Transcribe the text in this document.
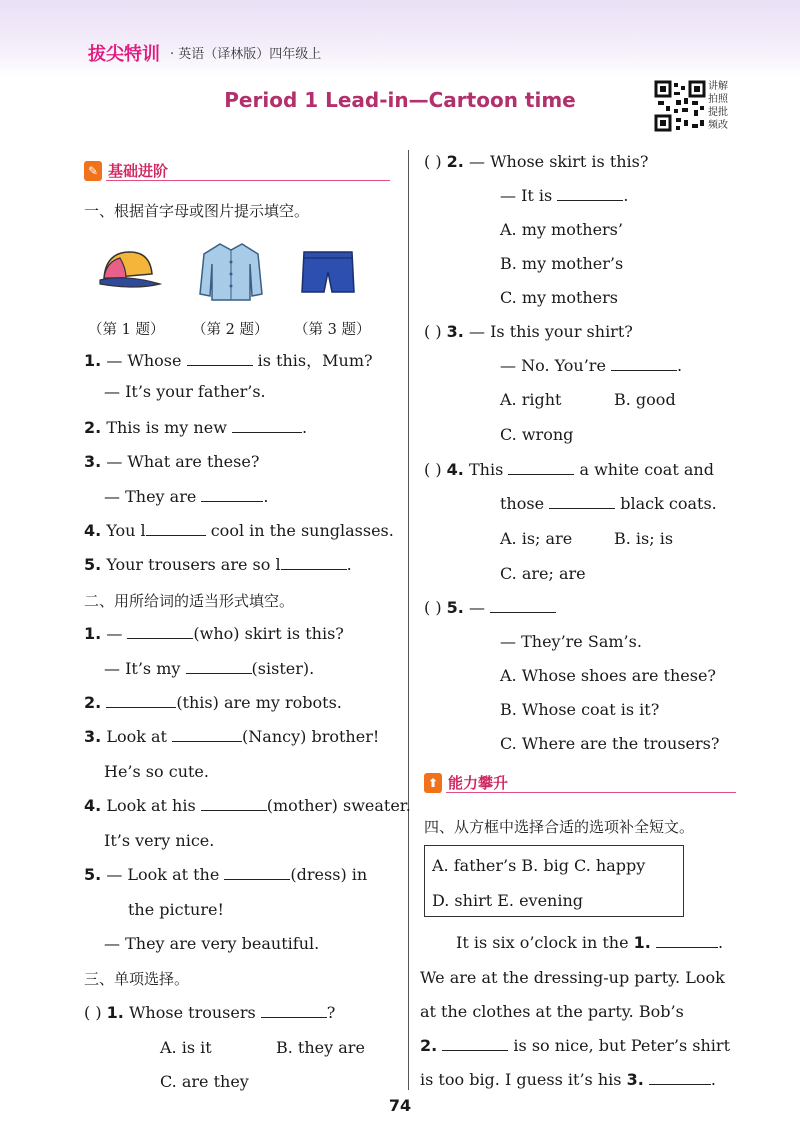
拔尖特训 · 英语（译林版）四年级上
Period 1 Lead-in—Cartoon time
讲解
拍照
提批
频改
✎ 基础进阶
一、根据首字母或图片提示填空。
（第 1 题） （第 2 题） （第 3 题）
1. — Whose	is this，Mum?
— It’s your father’s.
2. This is my new	.
3. — What are these?
— They are	.
4. You l	cool in the sunglasses.
5. Your trousers are so l	.
二、用所给词的适当形式填空。
1. —	(who) skirt is this?
— It’s my	(sister).
2.	(this) are my robots.
3. Look at	(Nancy) brother!
He’s so cute.
4. Look at his	(mother) sweater.
It’s very nice.
5. — Look at the	(dress) in
the picture!
— They are very beautiful.
三、单项选择。
( ) 1. Whose trousers	?
A. is it	B. they are
C. are they
( ) 2. — Whose skirt is this?
— It is	.
A. my mothers’
B. my mother’s
C. my mothers
( ) 3. — Is this your shirt?
— No. You’re	.
A. right	B. good
C. wrong
( ) 4. This	a white coat and
those	black coats.
A. is; are	B. is; is
C. are; are
( ) 5. —
— They’re Sam’s.
A. Whose shoes are these?
B. Whose coat is it?
C. Where are the trousers?
⬆ 能力攀升
四、从方框中选择合适的选项补全短文。
A. father’s B. big C. happy
D. shirt E. evening
It is six o’clock in the 1.	.
We are at the dressing-up party. Look
at the clothes at the party. Bob’s
2.	is so nice, but Peter’s shirt
is too big. I guess it’s his 3.	.
74
